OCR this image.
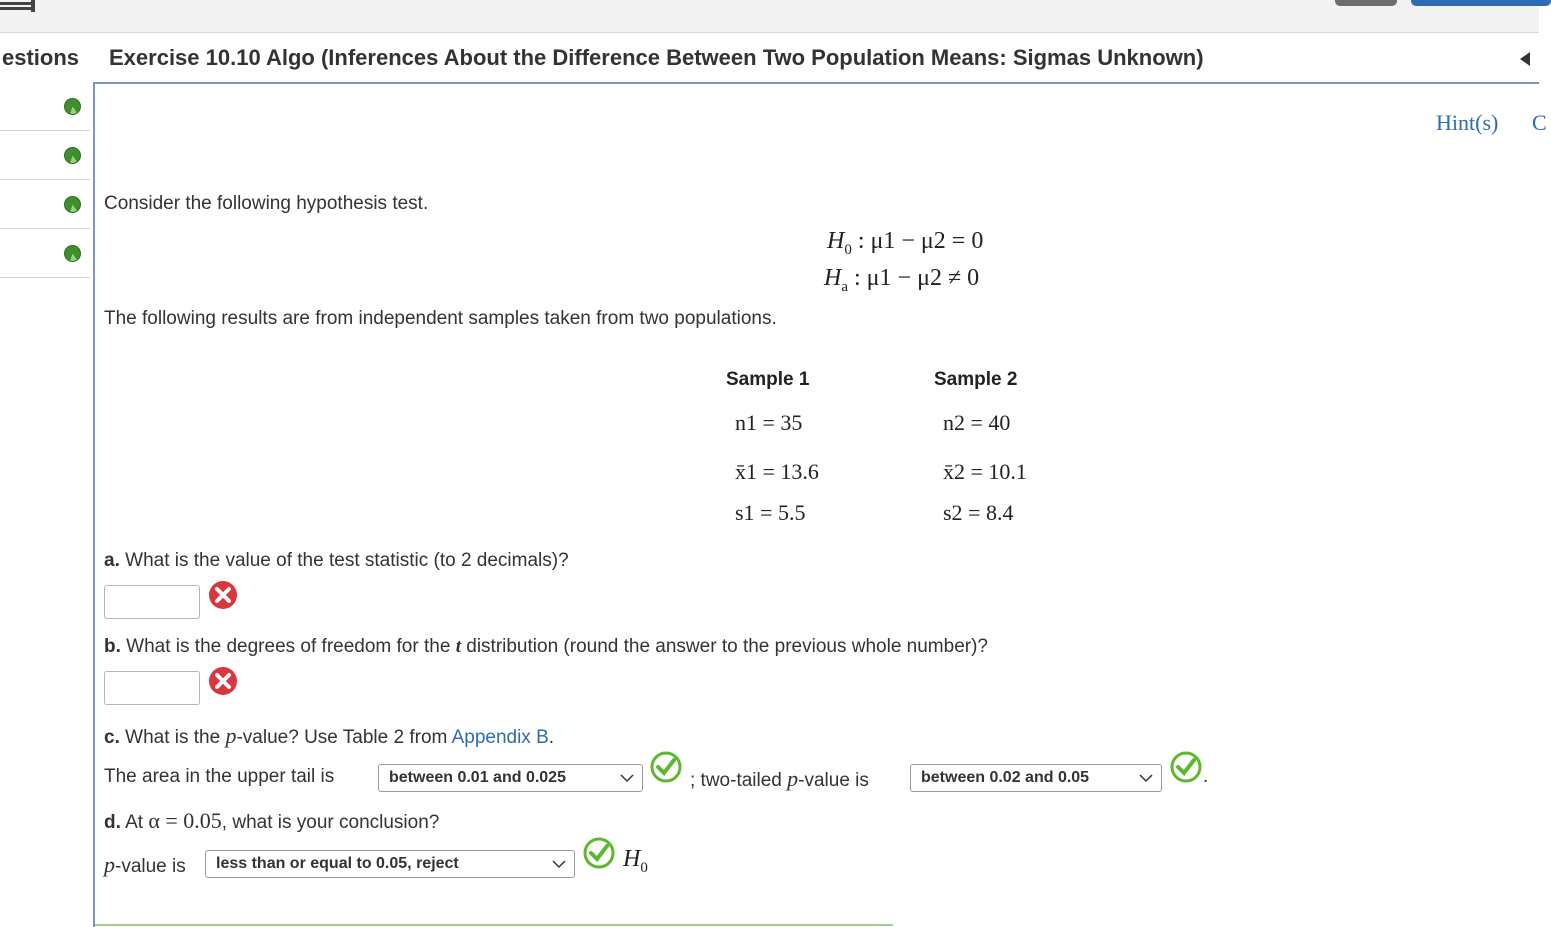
estions Exercise 10.10 Algo (Inferences About the Difference Between Two Population Means: Sigmas Unknown)
Hint(s) C
Consider the following hypothesis test.
$H_0$ : μ1 − μ2 = 0
$H_a$ : μ1 − μ2 ≠ 0
The following results are from independent samples taken from two populations.
Sample 1	Sample 2
n1 = 35	n2 = 40
x̄1 = 13.6	x̄2 = 10.1
s1 = 5.5	s2 = 8.4
a. What is the value of the test statistic (to 2 decimals)?
b. What is the degrees of freedom for the t distribution (round the answer to the previous whole number)?
c. What is the p-value? Use Table 2 from Appendix B.
The area in the upper tail is	between 0.01 and 0.025	; two-tailed p-value is	between 0.02 and 0.05	.
d. At α = 0.05, what is your conclusion?
p-value is	less than or equal to 0.05, reject	$H_0$
